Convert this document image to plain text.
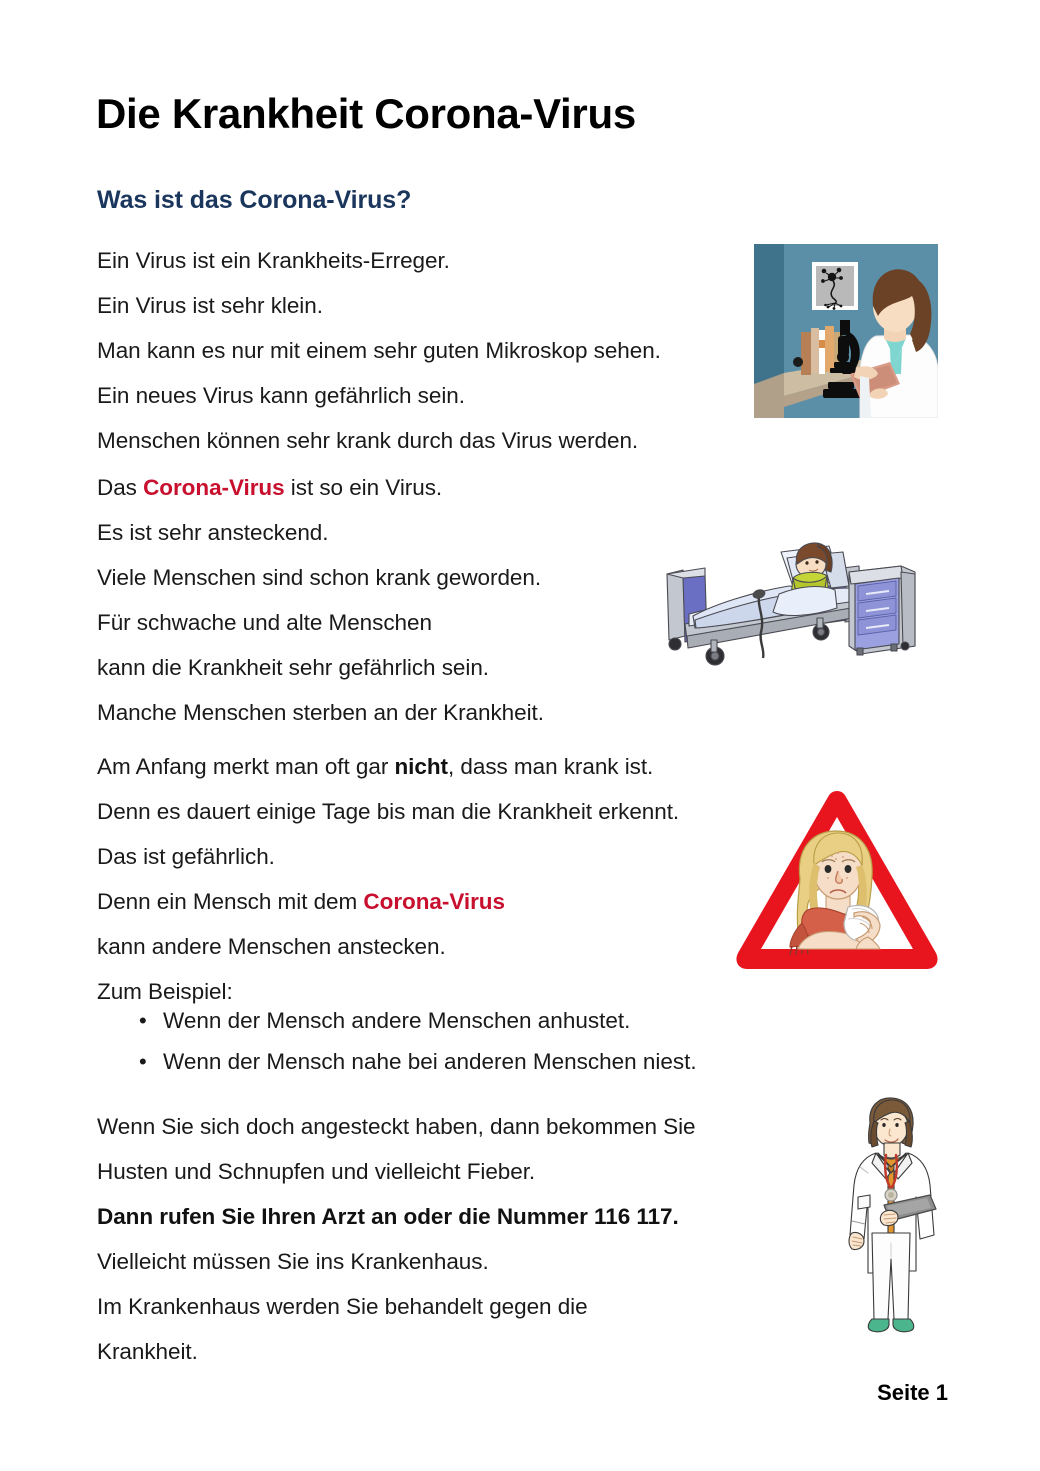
Die Krankheit Corona-Virus
Was ist das Corona-Virus?
Ein Virus ist ein Krankheits-Erreger.
Ein Virus ist sehr klein.
Man kann es nur mit einem sehr guten Mikroskop sehen.
Ein neues Virus kann gefährlich sein.
Menschen können sehr krank durch das Virus werden.
Das Corona-Virus ist so ein Virus.
Es ist sehr ansteckend.
Viele Menschen sind schon krank geworden.
Für schwache und alte Menschen
kann die Krankheit sehr gefährlich sein.
Manche Menschen sterben an der Krankheit.
Am Anfang merkt man oft gar nicht, dass man krank ist.
Denn es dauert einige Tage bis man die Krankheit erkennt.
Das ist gefährlich.
Denn ein Mensch mit dem Corona-Virus
kann andere Menschen anstecken.
Zum Beispiel:
• Wenn der Mensch andere Menschen anhustet.
• Wenn der Mensch nahe bei anderen Menschen niest.
Wenn Sie sich doch angesteckt haben, dann bekommen Sie
Husten und Schnupfen und vielleicht Fieber.
Dann rufen Sie Ihren Arzt an oder die Nummer 116 117.
Vielleicht müssen Sie ins Krankenhaus.
Im Krankenhaus werden Sie behandelt gegen die
Krankheit.
Seite 1
